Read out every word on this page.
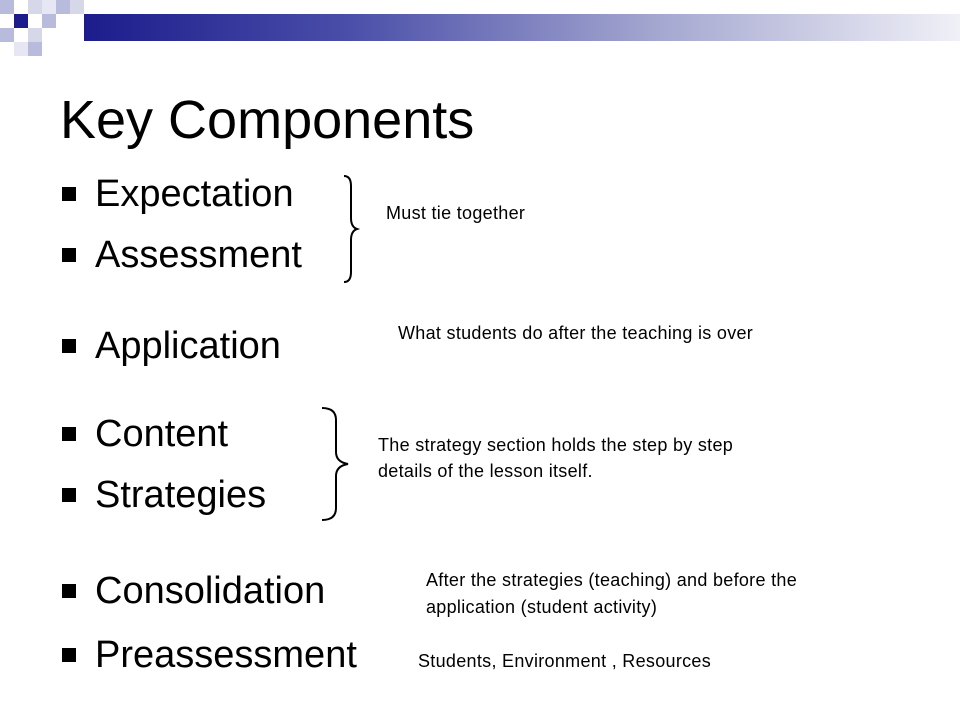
Key Components
Expectation
Assessment
Application
Content
Strategies
Consolidation
Preassessment
Must tie together
What students do after the teaching is over
The strategy section holds the step by step
details of the lesson itself.
After the strategies (teaching) and before the
application (student activity)
Students, Environment , Resources
